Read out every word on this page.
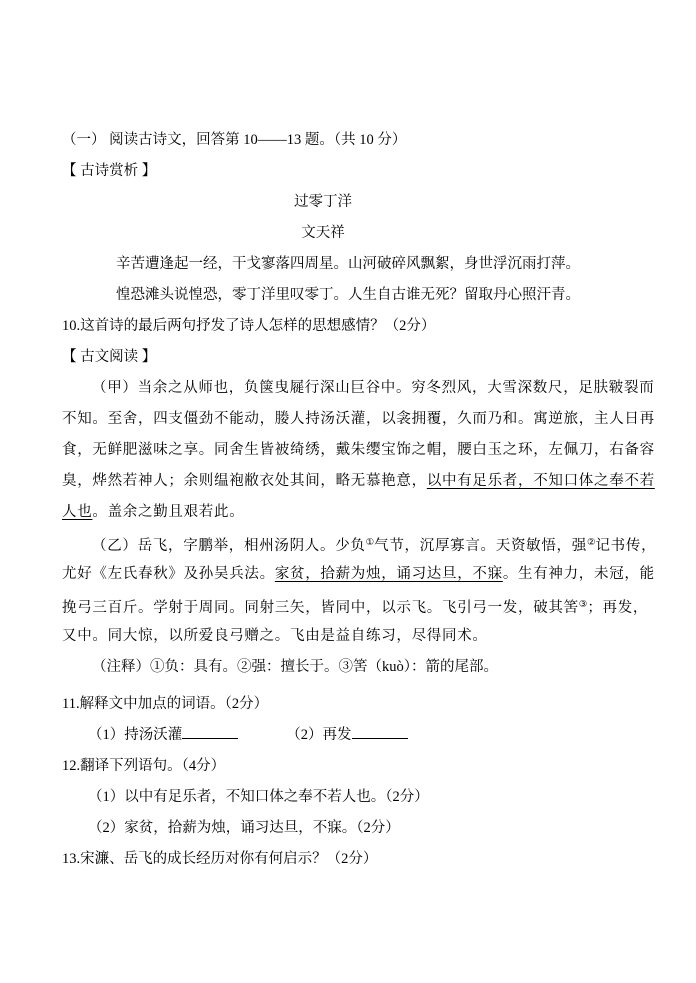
（一） 阅读古诗文，回答第 10——13 题。（共 10 分）

【 古诗赏析 】

过零丁洋

文天祥

辛苦遭逢起一经，干戈寥落四周星。山河破碎风飘絮，身世浮沉雨打萍。

惶恐滩头说惶恐，零丁洋里叹零丁。人生自古谁无死？留取丹心照汗青。

10.这首诗的最后两句抒发了诗人怎样的思想感情？（2分）

【 古文阅读 】

（甲）当余之从师也，负箧曳屣行深山巨谷中。穷冬烈风，大雪深数尺，足肤皲裂而

不知。至舍，四支僵劲不能动，媵人持汤沃灌，以衾拥覆，久而乃和。寓逆旅，主人日再

食，无鲜肥滋味之享。同舍生皆被绮绣，戴朱缨宝饰之帽，腰白玉之环，左佩刀，右备容

臭，烨然若神人；余则缊袍敝衣处其间，略无慕艳意，以中有足乐者，不知口体之奉不若

人也。盖余之勤且艰若此。

（乙）岳飞，字鹏举，相州汤阴人。少负①气节，沉厚寡言。天资敏悟，强②记书传，

尤好《左氏春秋》及孙吴兵法。家贫，拾薪为烛，诵习达旦，不寐。生有神力，未冠，能

挽弓三百斤。学射于周同。同射三矢，皆同中，以示飞。飞引弓一发，破其筈③；再发，

又中。同大惊，以所爱良弓赠之。飞由是益自练习，尽得同术。

（注释）①负：具有。②强：擅长于。③筈（kuò）：箭的尾部。

11.解释文中加点的词语。（2分）

（1）持汤沃灌	（2）再发

12.翻译下列语句。（4分）

（1）以中有足乐者，不知口体之奉不若人也。（2分）

（2）家贫，拾薪为烛，诵习达旦，不寐。（2分）

13.宋濂、岳飞的成长经历对你有何启示？（2分）
